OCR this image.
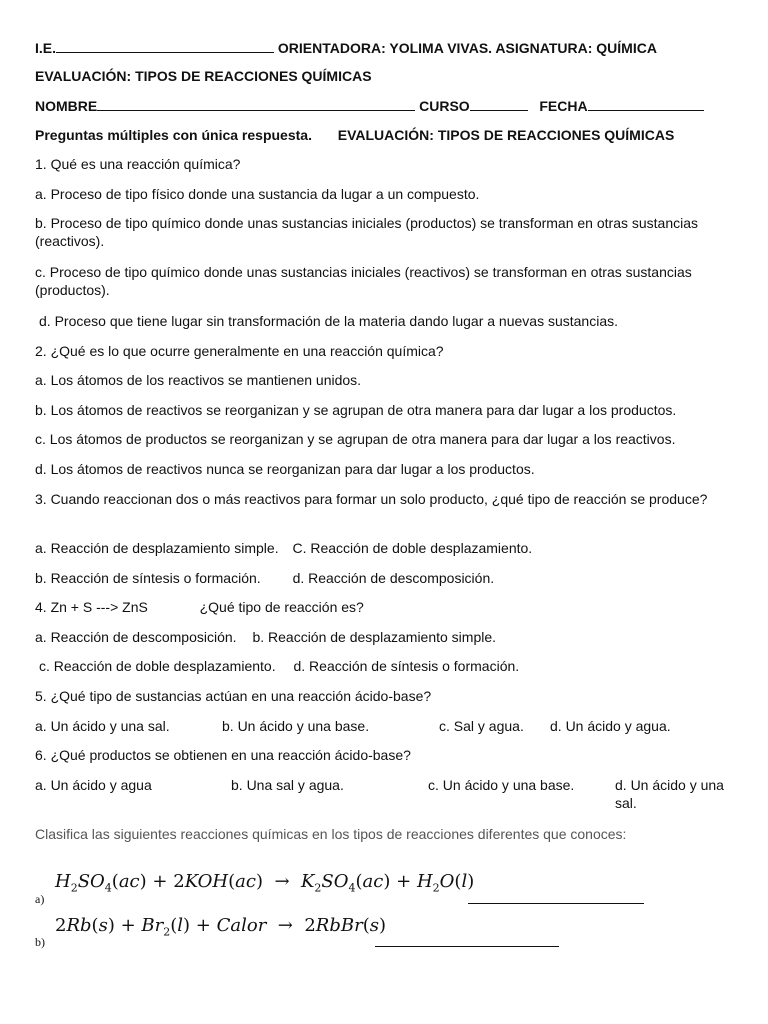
I.E.	ORIENTADORA: YOLIMA VIVAS. ASIGNATURA: QUÍMICA
EVALUACIÓN: TIPOS DE REACCIONES QUÍMICAS
NOMBRE	CURSO	FECHA
Preguntas múltiples con única respuesta. EVALUACIÓN: TIPOS DE REACCIONES QUÍMICAS
1. Qué es una reacción química?
a. Proceso de tipo físico donde una sustancia da lugar a un compuesto.
b. Proceso de tipo químico donde unas sustancias iniciales (productos) se transforman en otras sustancias (reactivos).
c. Proceso de tipo químico donde unas sustancias iniciales (reactivos) se transforman en otras sustancias (productos).
d. Proceso que tiene lugar sin transformación de la materia dando lugar a nuevas sustancias.
2. ¿Qué es lo que ocurre generalmente en una reacción química?
a. Los átomos de los reactivos se mantienen unidos.
b. Los átomos de reactivos se reorganizan y se agrupan de otra manera para dar lugar a los productos.
c. Los átomos de productos se reorganizan y se agrupan de otra manera para dar lugar a los reactivos.
d. Los átomos de reactivos nunca se reorganizan para dar lugar a los productos.
3. Cuando reaccionan dos o más reactivos para formar un solo producto, ¿qué tipo de reacción se produce?
a. Reacción de desplazamiento simple. C. Reacción de doble desplazamiento.
b. Reacción de síntesis o formación. d. Reacción de descomposición.
4. Zn + S ---> ZnS	¿Qué tipo de reacción es?
a. Reacción de descomposición. b. Reacción de desplazamiento simple.
c. Reacción de doble desplazamiento. d. Reacción de síntesis o formación.
5. ¿Qué tipo de sustancias actúan en una reacción ácido-base?
a. Un ácido y una sal.	b. Un ácido y una base.	c. Sal y agua. d. Un ácido y agua.
6. ¿Qué productos se obtienen en una reacción ácido-base?
a. Un ácido y agua	b. Una sal y agua.	c. Un ácido y una base.	d. Un ácido y una sal.
Clasifica las siguientes reacciones químicas en los tipos de reacciones diferentes que conoces:
a)
$H_2SO_4(ac) + 2KOH(ac) \to K_2SO_4(ac) + H_2O(l)$
b)
$2Rb(s) + Br_2(l)$ + Calor  → 2RbBr(s)
